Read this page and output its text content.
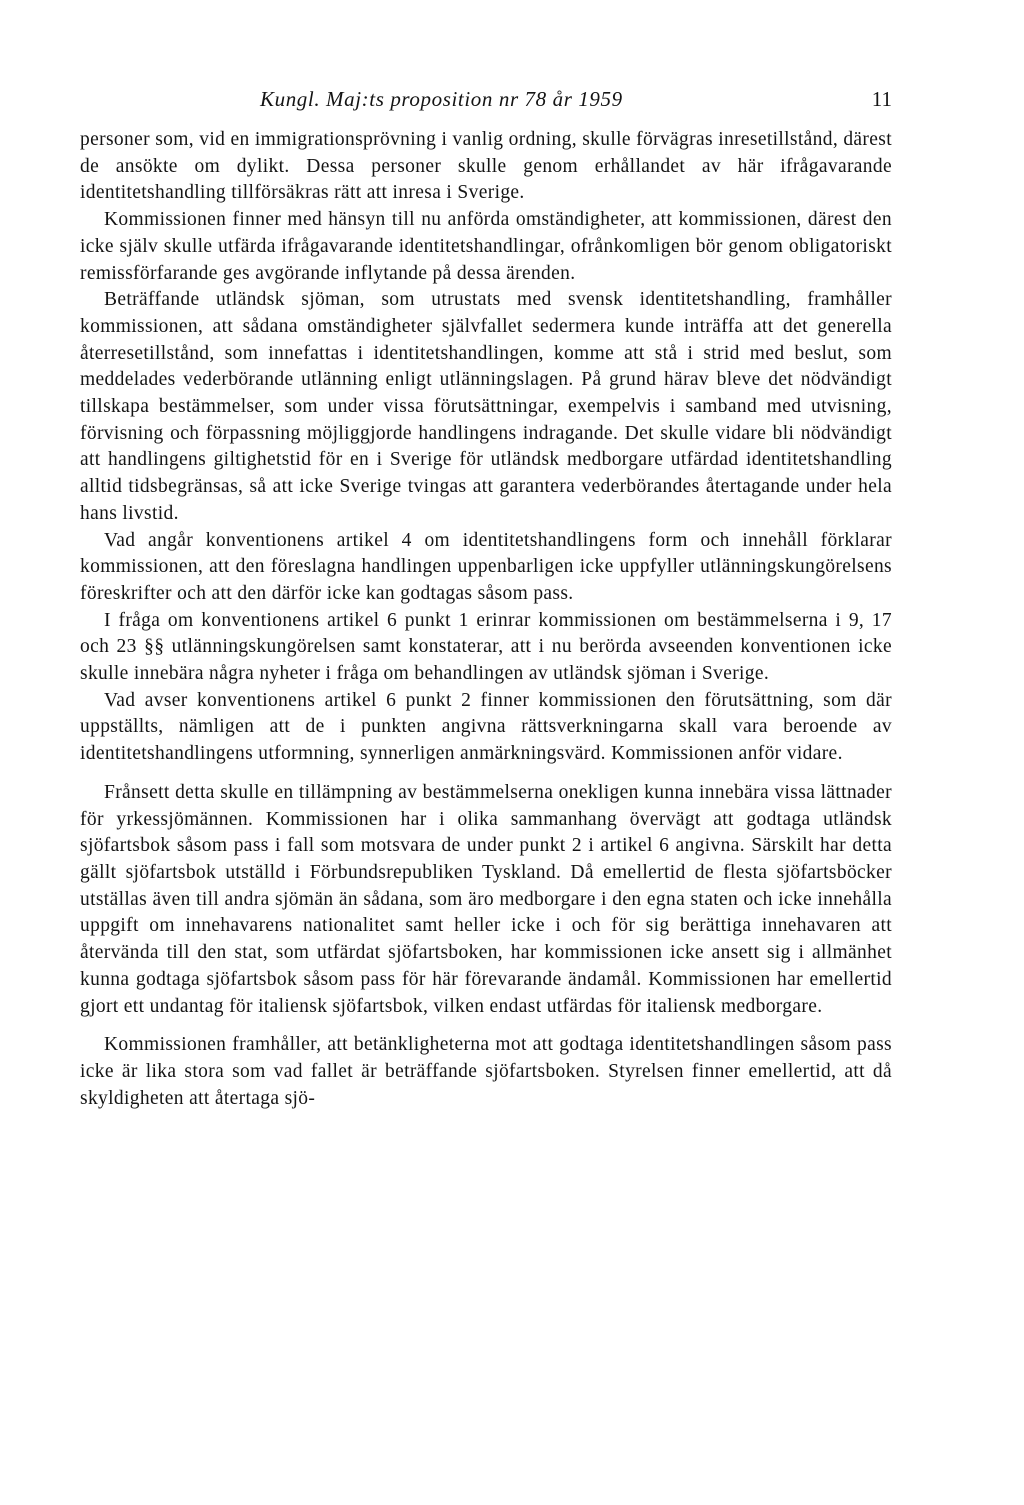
Kungl. Maj:ts proposition nr 78 år 1959	11

personer som, vid en immigrationsprövning i vanlig ordning, skulle förvägras inresetillstånd, därest de ansökte om dylikt. Dessa personer skulle genom erhållandet av här ifrågavarande identitetshandling tillförsäkras rätt att inresa i Sverige.

Kommissionen finner med hänsyn till nu anförda omständigheter, att kommissionen, därest den icke själv skulle utfärda ifrågavarande identitetshandlingar, ofrånkomligen bör genom obligatoriskt remissförfarande ges avgörande inflytande på dessa ärenden.

Beträffande utländsk sjöman, som utrustats med svensk identitetshandling, framhåller kommissionen, att sådana omständigheter självfallet sedermera kunde inträffa att det generella återresetillstånd, som innefattas i identitetshandlingen, komme att stå i strid med beslut, som meddelades vederbörande utlänning enligt utlänningslagen. På grund härav bleve det nödvändigt tillskapa bestämmelser, som under vissa förutsättningar, exempelvis i samband med utvisning, förvisning och förpassning möjliggjorde handlingens indragande. Det skulle vidare bli nödvändigt att handlingens giltighetstid för en i Sverige för utländsk medborgare utfärdad identitetshandling alltid tidsbegränsas, så att icke Sverige tvingas att garantera vederbörandes återtagande under hela hans livstid.

Vad angår konventionens artikel 4 om identitetshandlingens form och innehåll förklarar kommissionen, att den föreslagna handlingen uppenbarligen icke uppfyller utlänningskungörelsens föreskrifter och att den därför icke kan godtagas såsom pass.

I fråga om konventionens artikel 6 punkt 1 erinrar kommissionen om bestämmelserna i 9, 17 och 23 §§ utlänningskungörelsen samt konstaterar, att i nu berörda avseenden konventionen icke skulle innebära några nyheter i fråga om behandlingen av utländsk sjöman i Sverige.

Vad avser konventionens artikel 6 punkt 2 finner kommissionen den förutsättning, som där uppställts, nämligen att de i punkten angivna rättsverkningarna skall vara beroende av identitetshandlingens utformning, synnerligen anmärkningsvärd. Kommissionen anför vidare.

Frånsett detta skulle en tillämpning av bestämmelserna onekligen kunna innebära vissa lättnader för yrkessjömännen. Kommissionen har i olika sammanhang övervägt att godtaga utländsk sjöfartsbok såsom pass i fall som motsvara de under punkt 2 i artikel 6 angivna. Särskilt har detta gällt sjöfartsbok utställd i Förbundsrepubliken Tyskland. Då emellertid de flesta sjöfartsböcker utställas även till andra sjömän än sådana, som äro medborgare i den egna staten och icke innehålla uppgift om innehavarens nationalitet samt heller icke i och för sig berättiga innehavaren att återvända till den stat, som utfärdat sjöfartsboken, har kommissionen icke ansett sig i allmänhet kunna godtaga sjöfartsbok såsom pass för här förevarande ändamål. Kommissionen har emellertid gjort ett undantag för italiensk sjöfartsbok, vilken endast utfärdas för italiensk medborgare.

Kommissionen framhåller, att betänkligheterna mot att godtaga identitetshandlingen såsom pass icke är lika stora som vad fallet är beträffande sjöfartsboken. Styrelsen finner emellertid, att då skyldigheten att återtaga sjö-
